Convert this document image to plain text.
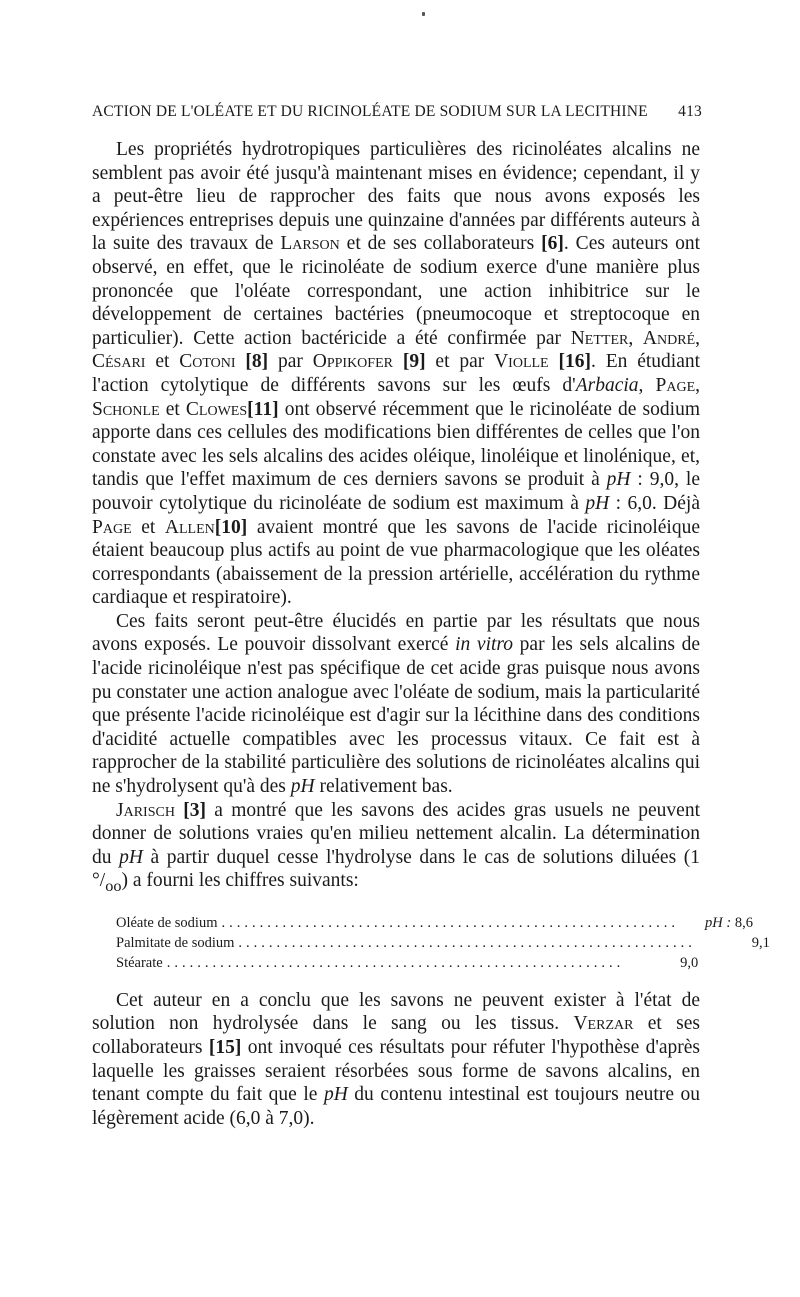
ACTION DE L'OLÉATE ET DU RICINOLÉATE DE SODIUM SUR LA LECITHINE 413

Les propriétés hydrotropiques particulières des ricinoléates alcalins ne semblent pas avoir été jusqu'à maintenant mises en évidence; cependant, il y a peut-être lieu de rapprocher des faits que nous avons exposés les expériences entreprises depuis une quinzaine d'années par différents auteurs à la suite des travaux de Larson et de ses collaborateurs [6]. Ces auteurs ont observé, en effet, que le ricinoléate de sodium exerce d'une manière plus prononcée que l'oléate correspondant, une action inhibitrice sur le développement de certaines bactéries (pneumocoque et streptocoque en particulier). Cette action bactéricide a été confirmée par Netter, André, Césari et Cotoni [8] par Oppikofer [9] et par Violle [16]. En étudiant l'action cytolytique de différents savons sur les œufs d'Arbacia, Page, Schonle et Clowes[11] ont observé récemment que le ricinoléate de sodium apporte dans ces cellules des modifications bien différentes de celles que l'on constate avec les sels alcalins des acides oléique, linoléique et linolénique, et, tandis que l'effet maximum de ces derniers savons se produit à pH : 9,0, le pouvoir cytolytique du ricinoléate de sodium est maximum à pH : 6,0. Déjà Page et Allen[10] avaient montré que les savons de l'acide ricinoléique étaient beaucoup plus actifs au point de vue pharmacologique que les oléates correspondants (abaissement de la pression artérielle, accélération du rythme cardiaque et respiratoire).

Ces faits seront peut-être élucidés en partie par les résultats que nous avons exposés. Le pouvoir dissolvant exercé in vitro par les sels alcalins de l'acide ricinoléique n'est pas spécifique de cet acide gras puisque nous avons pu constater une action analogue avec l'oléate de sodium, mais la particularité que présente l'acide ricinoléique est d'agir sur la lécithine dans des conditions d'acidité actuelle compatibles avec les processus vitaux. Ce fait est à rapprocher de la stabilité particulière des solutions de ricinoléates alcalins qui ne s'hydrolysent qu'à des pH relativement bas.

Jarisch [3] a montré que les savons des acides gras usuels ne peuvent donner de solutions vraies qu'en milieu nettement alcalin. La détermination du pH à partir duquel cesse l'hydrolyse dans le cas de solutions diluées (1 $^\circ/_{oo}$) a fourni les chiffres suivants:

Oléate de sodium ............................................................	pH : 8,6
Palmitate de sodium ............................................................	9,1
Stéarate ............................................................	9,0

Cet auteur en a conclu que les savons ne peuvent exister à l'état de solution non hydrolysée dans le sang ou les tissus. Verzar et ses collaborateurs [15] ont invoqué ces résultats pour réfuter l'hypothèse d'après laquelle les graisses seraient résorbées sous forme de savons alcalins, en tenant compte du fait que le pH du contenu intestinal est toujours neutre ou légèrement acide (6,0 à 7,0).
